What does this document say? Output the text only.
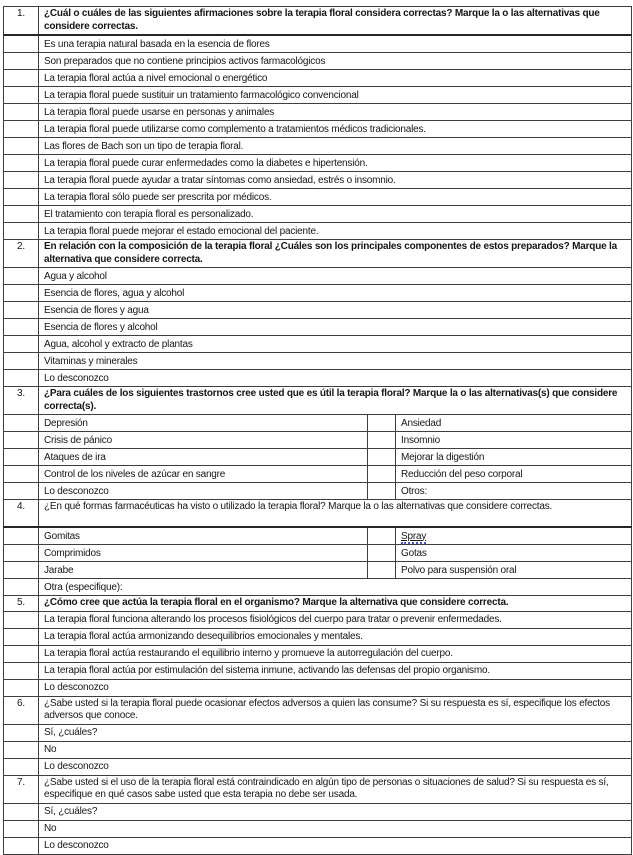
1.	¿Cuál o cuáles de las siguientes afirmaciones sobre la terapia floral considera correctas? Marque la o las alternativas que considere correctas.		
	Es una terapia natural basada en la esencia de flores		
	Son preparados que no contiene principios activos farmacológicos		
	La terapia floral actúa a nivel emocional o energético		
	La terapia floral puede sustituir un tratamiento farmacológico convencional		
	La terapia floral puede usarse en personas y animales		
	La terapia floral puede utilizarse como complemento a tratamientos médicos tradicionales.		
	Las flores de Bach son un tipo de terapia floral.		
	La terapia floral puede curar enfermedades como la diabetes e hipertensión.		
	La terapia floral puede ayudar a tratar síntomas como ansiedad, estrés o insomnio.		
	La terapia floral sólo puede ser prescrita por médicos.		
	El tratamiento con terapia floral es personalizado.		
	La terapia floral puede mejorar el estado emocional del paciente.		
2.	En relación con la composición de la terapia floral ¿Cuáles son los principales componentes de estos preparados? Marque la alternativa que considere correcta.		
	Agua y alcohol		
	Esencia de flores, agua y alcohol		
	Esencia de flores y agua		
	Esencia de flores y alcohol		
	Agua, alcohol y extracto de plantas		
	Vitaminas y minerales		
	Lo desconozco		
3.	¿Para cuáles de los siguientes trastornos cree usted que es útil la terapia floral? Marque la o las alternativas(s) que considere correcta(s).		
	Depresión		Ansiedad
	Crisis de pánico		Insomnio
	Ataques de ira		Mejorar la digestión
	Control de los niveles de azúcar en sangre		Reducción del peso corporal
	Lo desconozco		Otros:
4.	¿En qué formas farmacéuticas ha visto o utilizado la terapia floral? Marque la o las alternativas que considere correctas.		
	Gomitas		Spray
	Comprimidos		Gotas
	Jarabe		Polvo para suspensión oral
	Otra (especifique):		
5.	¿Cómo cree que actúa la terapia floral en el organismo? Marque la alternativa que considere correcta.		
	La terapia floral funciona alterando los procesos fisiológicos del cuerpo para tratar o prevenir enfermedades.		
	La terapia floral actúa armonizando desequilibrios emocionales y mentales.		
	La terapia floral actúa restaurando el equilibrio interno y promueve la autorregulación del cuerpo.		
	La terapia floral actúa por estimulación del sistema inmune, activando las defensas del propio organismo.		
	Lo desconozco		
6.	¿Sabe usted si la terapia floral puede ocasionar efectos adversos a quien las consume? Si su respuesta es sí, especifique los efectos adversos que conoce.		
	Sí, ¿cuáles?		
	No		
	Lo desconozco		
7.	¿Sabe usted si el uso de la terapia floral está contraindicado en algún tipo de personas o situaciones de salud? Si su respuesta es sí, especifique en qué casos sabe usted que esta terapia no debe ser usada.		
	Sí, ¿cuáles?		
	No		
	Lo desconozco		
